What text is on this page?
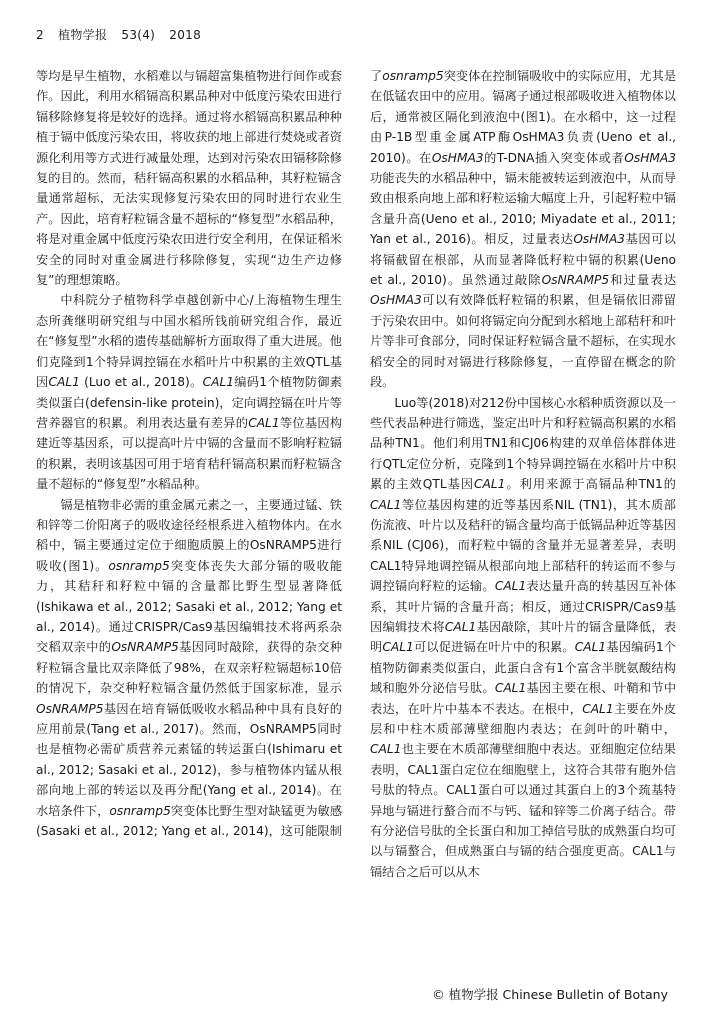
2 植物学报 53(4) 2018

等均是早生植物，水稻难以与镉超富集植物进行间作或套作。因此，利用水稻镉高积累品种对中低度污染农田进行镉移除修复将是较好的选择。通过将水稻镉高积累品种种植于镉中低度污染农田，将收获的地上部进行焚烧或者资源化利用等方式进行减量处理，达到对污染农田镉移除修复的目的。然而，秸秆镉高积累的水稻品种，其籽粒镉含量通常超标，无法实现修复污染农田的同时进行农业生产。因此，培育籽粒镉含量不超标的“修复型”水稻品种，将是对重金属中低度污染农田进行安全利用，在保证稻米安全的同时对重金属进行移除修复，实现“边生产边修复”的理想策略。

中科院分子植物科学卓越创新中心/上海植物生理生态所龚继明研究组与中国水稻所钱前研究组合作，最近在“修复型”水稻的遗传基础解析方面取得了重大进展。他们克隆到1个特异调控镉在水稻叶片中积累的主效QTL基因CAL1 (Luo et al., 2018)。CAL1编码1个植物防御素类似蛋白(defensin-like protein)，定向调控镉在叶片等营养器官的积累。利用表达量有差异的CAL1等位基因构建近等基因系，可以提高叶片中镉的含量而不影响籽粒镉的积累，表明该基因可用于培育秸秆镉高积累而籽粒镉含量不超标的“修复型”水稻品种。

镉是植物非必需的重金属元素之一，主要通过锰、铁和锌等二价阳离子的吸收途径经根系进入植物体内。在水稻中，镉主要通过定位于细胞质膜上的OsNRAMP5进行吸收(图1)。osnramp5突变体丧失大部分镉的吸收能力，其秸秆和籽粒中镉的含量都比野生型显著降低(Ishikawa et al., 2012; Sasaki et al., 2012; Yang et al., 2014)。通过CRISPR/Cas9基因编辑技术将两系杂交稻双亲中的OsNRAMP5基因同时敲除，获得的杂交种籽粒镉含量比双亲降低了98%，在双亲籽粒镉超标10倍的情况下，杂交种籽粒镉含量仍然低于国家标准，显示OsNRAMP5基因在培育镉低吸收水稻品种中具有良好的应用前景(Tang et al., 2017)。然而，OsNRAMP5同时也是植物必需矿质营养元素锰的转运蛋白(Ishimaru et al., 2012; Sasaki et al., 2012)，参与植物体内锰从根部向地上部的转运以及再分配(Yang et al., 2014)。在水培条件下，osnramp5突变体比野生型对缺锰更为敏感(Sasaki et al., 2012; Yang et al., 2014)，这可能限制

了osnramp5突变体在控制镉吸收中的实际应用，尤其是在低锰农田中的应用。镉离子通过根部吸收进入植物体以后，通常被区隔化到液泡中(图1)。在水稻中，这一过程由P-1B型重金属ATP酶OsHMA3负责(Ueno et al., 2010)。在OsHMA3的T-DNA插入突变体或者OsHMA3功能丧失的水稻品种中，镉未能被转运到液泡中，从而导致由根系向地上部和籽粒运输大幅度上升，引起籽粒中镉含量升高(Ueno et al., 2010; Miyadate et al., 2011; Yan et al., 2016)。相反，过量表达OsHMA3基因可以将镉截留在根部，从而显著降低籽粒中镉的积累(Ueno et al., 2010)。虽然通过敲除OsNRAMP5和过量表达OsHMA3可以有效降低籽粒镉的积累，但是镉依旧滞留于污染农田中。如何将镉定向分配到水稻地上部秸秆和叶片等非可食部分，同时保证籽粒镉含量不超标，在实现水稻安全的同时对镉进行移除修复，一直停留在概念的阶段。

Luo等(2018)对212份中国核心水稻种质资源以及一些代表品种进行筛选，鉴定出叶片和籽粒镉高积累的水稻品种TN1。他们利用TN1和CJ06构建的双单倍体群体进行QTL定位分析，克隆到1个特异调控镉在水稻叶片中积累的主效QTL基因CAL1。利用来源于高镉品种TN1的CAL1等位基因构建的近等基因系NIL (TN1)，其木质部伤流液、叶片以及秸秆的镉含量均高于低镉品种近等基因系NIL (CJ06)，而籽粒中镉的含量并无显著差异，表明CAL1特异地调控镉从根部向地上部秸秆的转运而不参与调控镉向籽粒的运输。CAL1表达量升高的转基因互补体系，其叶片镉的含量升高；相反，通过CRISPR/Cas9基因编辑技术将CAL1基因敲除，其叶片的镉含量降低，表明CAL1可以促进镉在叶片中的积累。CAL1基因编码1个植物防御素类似蛋白，此蛋白含有1个富含半胱氨酸结构域和胞外分泌信号肽。CAL1基因主要在根、叶鞘和节中表达，在叶片中基本不表达。在根中，CAL1主要在外皮层和中柱木质部薄壁细胞内表达；在剑叶的叶鞘中，CAL1也主要在木质部薄壁细胞中表达。亚细胞定位结果表明，CAL1蛋白定位在细胞壁上，这符合其带有胞外信号肽的特点。CAL1蛋白可以通过其蛋白上的3个巯基特异地与镉进行螯合而不与钙、锰和锌等二价离子结合。带有分泌信号肽的全长蛋白和加工掉信号肽的成熟蛋白均可以与镉螯合，但成熟蛋白与镉的结合强度更高。CAL1与镉结合之后可以从木

© 植物学报 Chinese Bulletin of Botany
